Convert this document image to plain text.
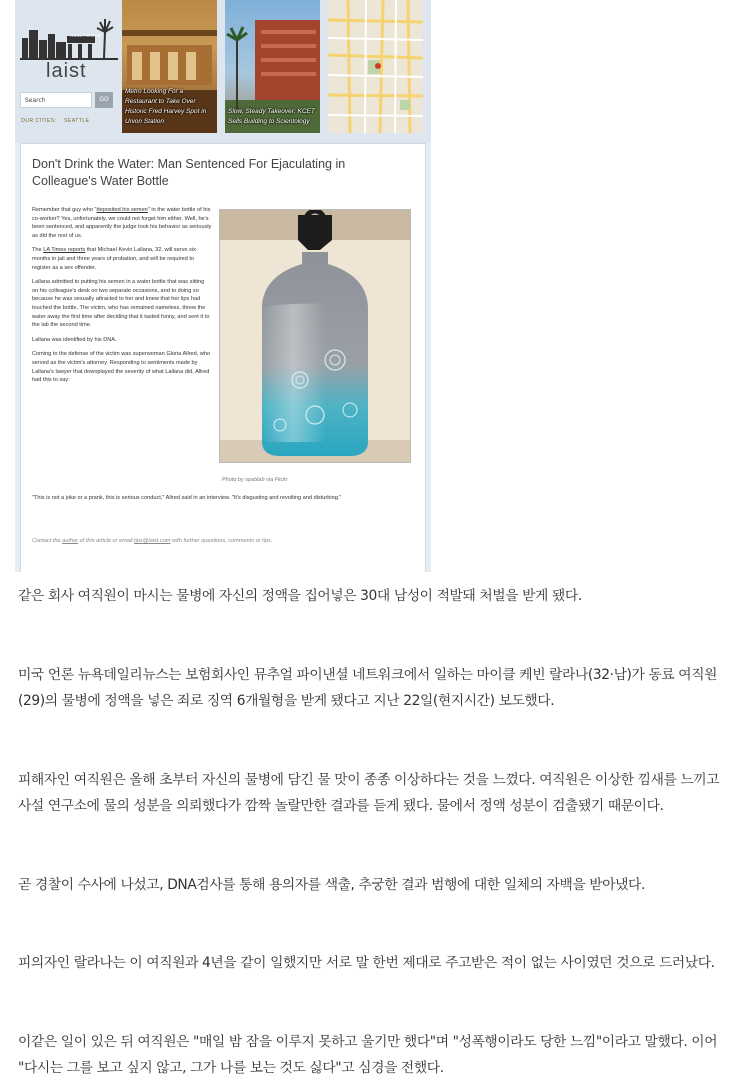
HOLLYWOOD
laist
Search	GO
OUR CITIES: SEATTLE
Metro Looking For a Restaurant to Take Over Historic Fred Harvey Spot in Union Station
Slow, Steady Takeover: KCET Sells Building to Scientology
Don't Drink the Water: Man Sentenced For Ejaculating in Colleague's Water Bottle

Remember that guy who "deposited his semen" in the water bottle of his co-worker? Yes, unfortunately, we could not forget him either. Well, he's been sentenced, and apparently the judge took his behavior as seriously as did the rest of us.

The LA Times reports that Michael Kevin Lallana, 32, will serve six months in jail and three years of probation, and will be required to register as a sex offender.

Lallana admitted to putting his semen in a water bottle that was sitting on his colleague's desk on two separate occasions, and to doing so because he was sexually attracted to her and knew that her lips had touched the bottle. The victim, who has remained nameless, threw the water away the first time after deciding that it tasted funny, and sent it to the lab the second time.

Lallana was identified by his DNA.

Coming to the defense of the victim was superwoman Gloria Allred, who served as the victim's attorney. Responding to sentiments made by Lallana's lawyer that downplayed the severity of what Lallana did, Allred had this to say:

Photo by spablab via Flickr
"This is not a joke or a prank, this is serious conduct," Allred said in an interview. "It's disgusting and revolting and disturbing."
Contact the author of this article or email tips@laist.com with further questions, comments or tips.

같은 회사 여직원이 마시는 물병에 자신의 정액을 집어넣은 30대 남성이 적발돼 처벌을 받게 됐다.

미국 언론 뉴욕데일리뉴스는 보험회사인 뮤추얼 파이낸셜 네트워크에서 일하는 마이클 케빈 랄라나(32·남)가 동료 여직원(29)의 물병에 정액을 넣은 죄로 징역 6개월형을 받게 됐다고 지난 22일(현지시간) 보도했다.

피해자인 여직원은 올해 초부터 자신의 물병에 담긴 물 맛이 종종 이상하다는 것을 느꼈다. 여직원은 이상한 낌새를 느끼고 사설 연구소에 물의 성분을 의뢰했다가 깜짝 놀랄만한 결과를 듣게 됐다. 물에서 정액 성분이 검출됐기 때문이다.

곧 경찰이 수사에 나섰고, DNA검사를 통해 용의자를 색출, 추궁한 결과 범행에 대한 일체의 자백을 받아냈다.

피의자인 랄라나는 이 여직원과 4년을 같이 일했지만 서로 말 한번 제대로 주고받은 적이 없는 사이였던 것으로 드러났다.

이같은 일이 있은 뒤 여직원은 "매일 밤 잠을 이루지 못하고 울기만 했다"며 "성폭행이라도 당한 느낌"이라고 말했다. 이어 "다시는 그를 보고 싶지 않고, 그가 나를 보는 것도 싫다"고 심경을 전했다.
